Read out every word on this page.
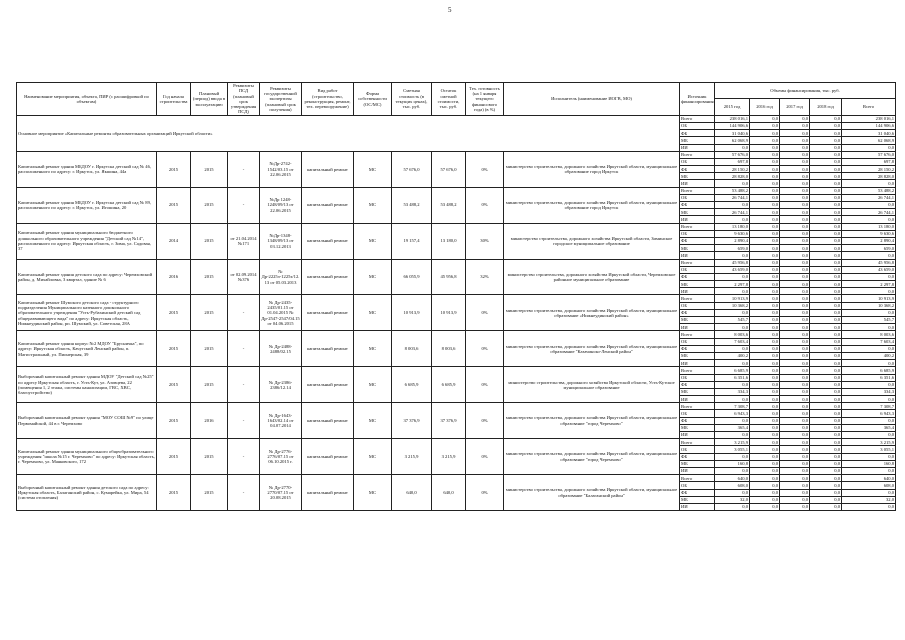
5
Наименование мероприятия, объекта, ПИР (с расшифровкой по объектам)	Год начала строительства	Плановый (период) ввода в эксплуатацию	Реквизиты ПСД (плановый срок утверждения ПСД)	Реквизиты государственной экспертизы (плановый срок получения)	Вид работ (строительство, реконструкция, ремонт, тех. перевооружение)	Форма собственности (ОС/МС)	Сметная стоимость (в текущих ценах), тыс. руб.	Остаток сметной стоимости, тыс. руб.	Тех. готовность (на 1 января текущего финансового года) (в %)	Исполнитель (наименование ИОГВ, МО)	Источник финансирования	Объемы финансирования, тыс. руб.				
												2015 год	2016 год	2017 год	2018 год	Всего
Основное мероприятие «Капитальные ремонты образовательных организаций Иркутской области»											Всего	238 016,1	0,0	0,0	0,0	238 016,1
											ОБ	144 906,6	0,0	0,0	0,0	144 906,6
											ФБ	31 040,6	0,0	0,0	0,0	31 040,6
											МБ	62 068,9	0,0	0,0	0,0	62 068,9
											ИИ	0,0	0,0	0,0	0,0	0,0
Капитальный ремонт здания МБДОУ г. Иркутска детский сад № 46, расположенного по адресу: г. Иркутск, ул. Якшина, 44а	2015	2015	-	№Др-2742-1542/03.15 от 22.06.2015	капитальный ремонт	МС	57 676,0	57 676,0	0%	министерство строительства, дорожного хозяйства Иркутской области, муниципальное образование город Иркутск	Всего	57 676,0	0,0	0,0	0,0	57 676,0
											ОБ	697,8	0,0	0,0	0,0	697,8
											ФБ	28 150,2	0,0	0,0	0,0	28 150,2
											МБ	28 828,0	0,0	0,0	0,0	28 828,0
											ИИ	0,0	0,0	0,0	0,0	0,0
Капитальный ремонт здания МБДОУ г. Иркутска детский сад № 89, расположенного по адресу: г. Иркутск, ул. Игошина, 20	2015	2015	-	№Др 1248-1248/09/13 от 22.06.2015	капитальный ремонт	МС	53 488,2	53 488,2	0%	министерство строительства, дорожного хозяйства Иркутской области, муниципальное образование город Иркутск	Всего	53 488,2	0,0	0,0	0,0	53 488,2
											ОБ	26 744,1	0,0	0,0	0,0	26 744,1
											ФБ	0,0	0,0	0,0	0,0	0,0
											МБ	26 744,1	0,0	0,0	0,0	26 744,1
											ИИ	0,0	0,0	0,0	0,0	0,0
Капитальный ремонт здания муниципального бюджетного дошкольного образовательного учреждения "Детский сад №14", расположенного по адресу: Иркутская область, г. Зима, ул. Садовая, 37	2014	2015	от 21.04.2014 №171	№Др-1348-1348/09/13 от 03.12.2013	капитальный ремонт	МС	19 157,4	13 180,0	30%	министерство строительства, дорожного хозяйства Иркутской области, Зиминское городское муниципальное образование	Всего	13 180,0	0,0	0,0	0,0	13 180,0
											ОБ	9 630,6	0,0	0,0	0,0	9 630,6
											ФБ	2 890,4	0,0	0,0	0,0	2 890,4
											МБ	659,0	0,0	0,0	0,0	659,0
											ИИ	0,0	0,0	0,0	0,0	0,0
Капитальный ремонт здания детского сада по адресу: Черемховский район, д. Михайловка, 3 квартал, здание № 6	2016	2015	от 02.09.2014 №376	№ Др-2225э-1225э/12.13 от 05.03.2013	капитальный ремонт	МС	66 055,9	45 956,8	32%	министерство строительства, дорожного хозяйства Иркутской области, Черемховское районное муниципальное образование	Всего	45 956,8	0,0	0,0	0,0	45 956,8
											ОБ	43 659,0	0,0	0,0	0,0	43 659,0
											ФБ	0,0	0,0	0,0	0,0	0,0
											МБ	2 297,8	0,0	0,0	0,0	2 297,8
											ИИ	0,0	0,0	0,0	0,0	0,0
Капитальный ремонт Шумского детского сада - структурного подразделения Муниципального казенного дошкольного образовательного учреждения "Усть-Рубахинский детский сад общеразвивающего вида" по адресу: Иркутская область, Нижнеудинский район, рп. Шумский, ул. Советская, 28А	2015	2015	-	№ Др-2435-2435/01.15 от 01.04.2015 № Др-2547-2547/04.15 от 04.06.2015	капитальный ремонт	МС	10 913,9	10 913,9	0%	министерство строительства, дорожного хозяйства Иркутской области, муниципальное образование «Нижнеудинский район»	Всего	10 913,9	0,0	0,0	0,0	10 913,9
											ОБ	10 368,2	0,0	0,0	0,0	10 368,2
											ФБ	0,0	0,0	0,0	0,0	0,0
											МБ	545,7	0,0	0,0	0,0	545,7
											ИИ	0,0	0,0	0,0	0,0	0,0
Капитальный ремонт здания корпус №2 МДОУ "Брусничка", по адресу: Иркутская область, Качугский Ленский район, п. Магистральный, ул. Пионерская, 39	2015	2015	-	№ Др-2488-2488/02.15	капитальный ремонт	МС	8 003,6	8 003,6	0%	министерство строительства, дорожного хозяйства Иркутской области, муниципальное образование "Казачинско-Ленский район"	Всего	8 003,6	0,0	0,0	0,0	8 003,6
											ОБ	7 603,4	0,0	0,0	0,0	7 603,4
											ФБ	0,0	0,0	0,0	0,0	0,0
											МБ	400,2	0,0	0,0	0,0	400,2
											ИИ	0,0	0,0	0,0	0,0	0,0
Выборочный капитальный ремонт здания МДОУ "Детский сад №25" по адресу Иркутская область, г. Усть-Кут, ул. Азовцева, 22 (помещения 1, 2 этажа, системы канализации, ГВС, ХВС, благоустройство)	2015	2015	-	№ Др-2386-2386/12.14	капитальный ремонт	МС	6 685,9	6 685,9	0%	министерство строительства, дорожного хозяйства Иркутской области, Усть-Кутское муниципальное образование	Всего	6 685,9	0,0	0,0	0,0	6 685,9
											ОБ	6 351,6	0,0	0,0	0,0	6 351,6
											ФБ	0,0	0,0	0,0	0,0	0,0
											МБ	334,3	0,0	0,0	0,0	334,3
											ИИ	0,0	0,0	0,0	0,0	0,0
Выборочный капитальный ремонт здания "МОУ СОШ №9" по улице Первомайской, 44 в г. Черемхово	2015	2016	-	№ Др-1643-1643/02.14 от 04.07.2014	капитальный ремонт	МС	37 376,9	37 376,9	0%	министерство строительства, дорожного хозяйства Иркутской области, муниципальное образование "город Черемхово"	Всего	7 308,7	0,0	0,0	0,0	7 308,7
											ОБ	6 943,3	0,0	0,0	0,0	6 943,3
											ФБ	0,0	0,0	0,0	0,0	0,0
											МБ	365,4	0,0	0,0	0,0	365,4
											ИИ	0,0	0,0	0,0	0,0	0,0
Капитальный ремонт здания муниципального общеобразовательного учреждения "школа №15 г. Черемхово" по адресу: Иркутская область, г. Черемхово, ул. Маяковского, 172	2015	2015	-	№ Др-2776-2776/07.15 от 06.10.2015 г.	капитальный ремонт	МС	3 215,9	3 215,9	0%	министерство строительства, дорожного хозяйства Иркутской области, муниципальное образование "город Черемхово"	Всего	3 215,9	0,0	0,0	0,0	3 215,9
											ОБ	3 055,1	0,0	0,0	0,0	3 055,1
											ФБ	0,0	0,0	0,0	0,0	0,0
											МБ	160,8	0,0	0,0	0,0	160,8
											ИИ	0,0	0,0	0,0	0,0	0,0
Выборочный капитальный ремонт здания детского сада по адресу: Иркутская область, Балаганский район, с. Кумарейка, ул. Мира, 54 (система отопления)	2015	2015	-	№ Др-2770-2770/07.15 от 20.08.2015	капитальный ремонт	МС	640,0	640,0	0%	министерство строительства, дорожного хозяйства Иркутской области, муниципальное образование "Балаганский район"	Всего	640,0	0,0	0,0	0,0	640,0
											ОБ	608,0	0,0	0,0	0,0	608,0
											ФБ	0,0	0,0	0,0	0,0	0,0
											МБ	32,0	0,0	0,0	0,0	32,0
											ИИ	0,0	0,0	0,0	0,0	0,0
